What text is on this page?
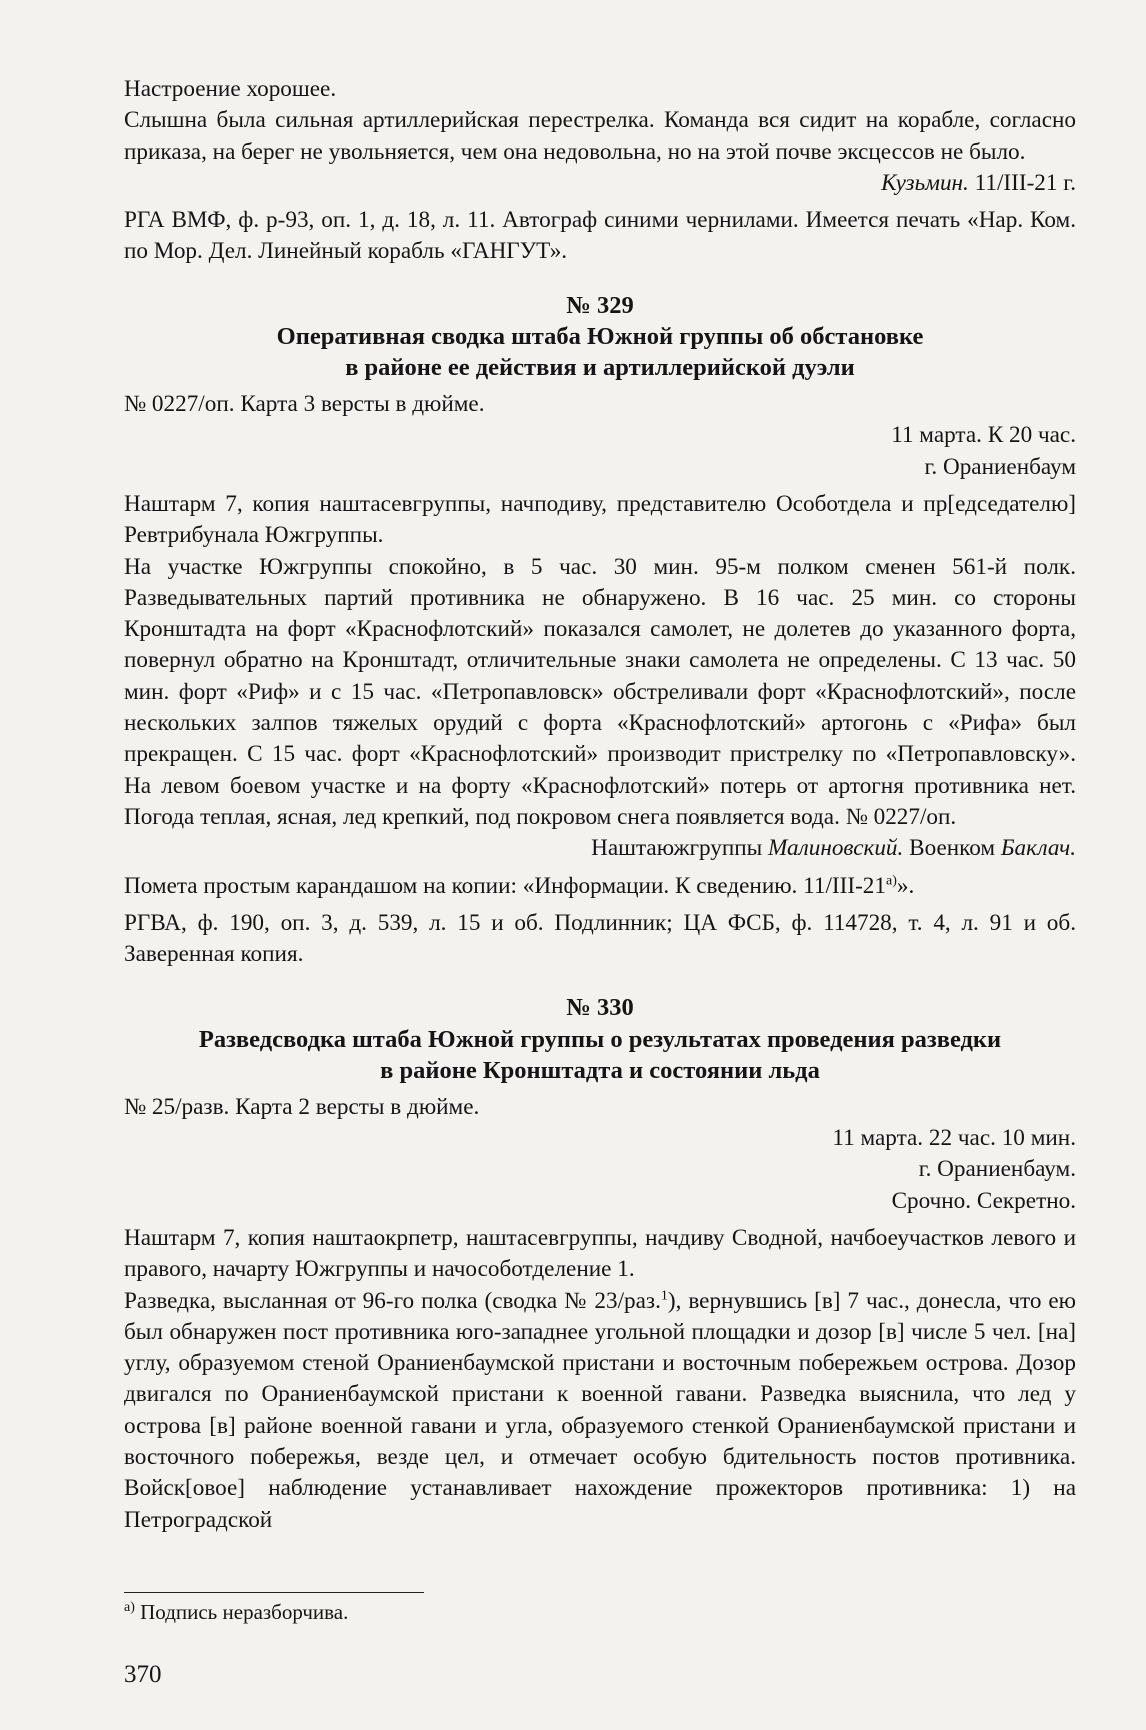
Настроение хорошее.

Слышна была сильная артиллерийская перестрелка. Команда вся сидит на корабле, согласно приказа, на берег не увольняется, чем она недовольна, но на этой почве эксцессов не было.

Кузьмин. 11/III-21 г.

РГА ВМФ, ф. р-93, оп. 1, д. 18, л. 11. Автограф синими чернилами. Имеется печать «Нар. Ком. по Мор. Дел. Линейный корабль «ГАНГУТ».

№ 329

Оперативная сводка штаба Южной группы об обстановке

в районе ее действия и артиллерийской дуэли

№ 0227/оп. Карта 3 версты в дюйме.

11 марта. К 20 час.

г. Ораниенбаум

Наштарм 7, копия наштасевгруппы, начподиву, представителю Особотдела и пр[едседателю] Ревтрибунала Южгруппы.

На участке Южгруппы спокойно, в 5 час. 30 мин. 95-м полком сменен 561-й полк. Разведывательных партий противника не обнаружено. В 16 час. 25 мин. со стороны Кронштадта на форт «Краснофлотский» показался самолет, не долетев до указанного форта, повернул обратно на Кронштадт, отличительные знаки самолета не определены. С 13 час. 50 мин. форт «Риф» и с 15 час. «Петропавловск» обстреливали форт «Краснофлотский», после нескольких залпов тяжелых орудий с форта «Краснофлотский» артогонь с «Рифа» был прекращен. С 15 час. форт «Краснофлотский» производит пристрелку по «Петропавловску». На левом боевом участке и на форту «Краснофлотский» потерь от артогня противника нет. Погода теплая, ясная, лед крепкий, под покровом снега появляется вода. № 0227/оп.

Наштаюжгруппы Малиновский. Военком Баклач.

Помета простым карандашом на копии: «Информации. К сведению. $11/III-21^{а)}$».

РГВА, ф. 190, оп. 3, д. 539, л. 15 и об. Подлинник; ЦА ФСБ, ф. 114728, т. 4, л. 91 и об. Заверенная копия.

№ 330

Разведсводка штаба Южной группы о результатах проведения разведки

в районе Кронштадта и состоянии льда

№ 25/разв. Карта 2 версты в дюйме.

11 марта. 22 час. 10 мин.

г. Ораниенбаум.

Срочно. Секретно.

Наштарм 7, копия наштаокрпетр, наштасевгруппы, начдиву Сводной, начбоеучастков левого и правого, начарту Южгруппы и начособотделение 1.

Разведка, высланная от 96-го полка (сводка № 23/раз.$^1$), вернувшись [в] 7 час., донесла, что ею был обнаружен пост противника юго-западнее угольной площадки и дозор [в] числе 5 чел. [на] углу, образуемом стеной Ораниенбаумской пристани и восточным побережьем острова. Дозор двигался по Ораниенбаумской пристани к военной гавани. Разведка выяснила, что лед у острова [в] районе военной гавани и угла, образуемого стенкой Ораниенбаумской пристани и восточного побережья, везде цел, и отмечает особую бдительность постов противника. Войск[овое] наблюдение устанавливает нахождение прожекторов противника: 1) на Петроградской

$^{а)}$ Подпись неразборчива.

370
